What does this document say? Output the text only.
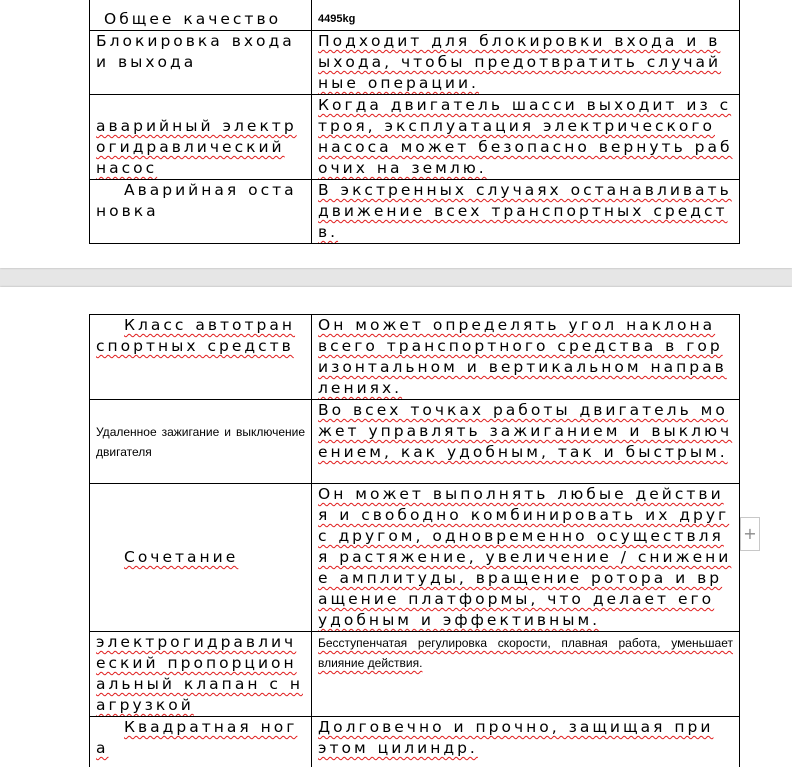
Общее качество	4495kg

Блокировка входа и выхода	Подходит для блокировки входа и выхода, чтобы предотвратить случайные операции.

аварийный электрогидравлический насос	Когда двигатель шасси выходит из строя, эксплуатация электрического насоса может безопасно вернуть рабочих на землю.

Аварийная остановка	В экстренных случаях останавливать движение всех транспортных средств.
Класс автотранспортных средств	Он может определять угол наклона всего транспортного средства в горизонтальном и вертикальном направлениях.

Удаленное зажигание и выключение двигателя	Во всех точках работы двигатель может управлять зажиганием и выключением, как удобным, так и быстрым.

Сочетание	Он может выполнять любые действия и свободно комбинировать их друг с другом, одновременно осуществляя растяжение, увеличение / снижение амплитуды, вращение ротора и вращение платформы, что делает его удобным и эффективным.

электрогидравлический пропорциональный клапан с нагрузкой	Бесступенчатая регулировка скорости, плавная работа, уменьшает влияние действия.

Квадратная нога	Долговечно и прочно, защищая при этом цилиндр.
+
